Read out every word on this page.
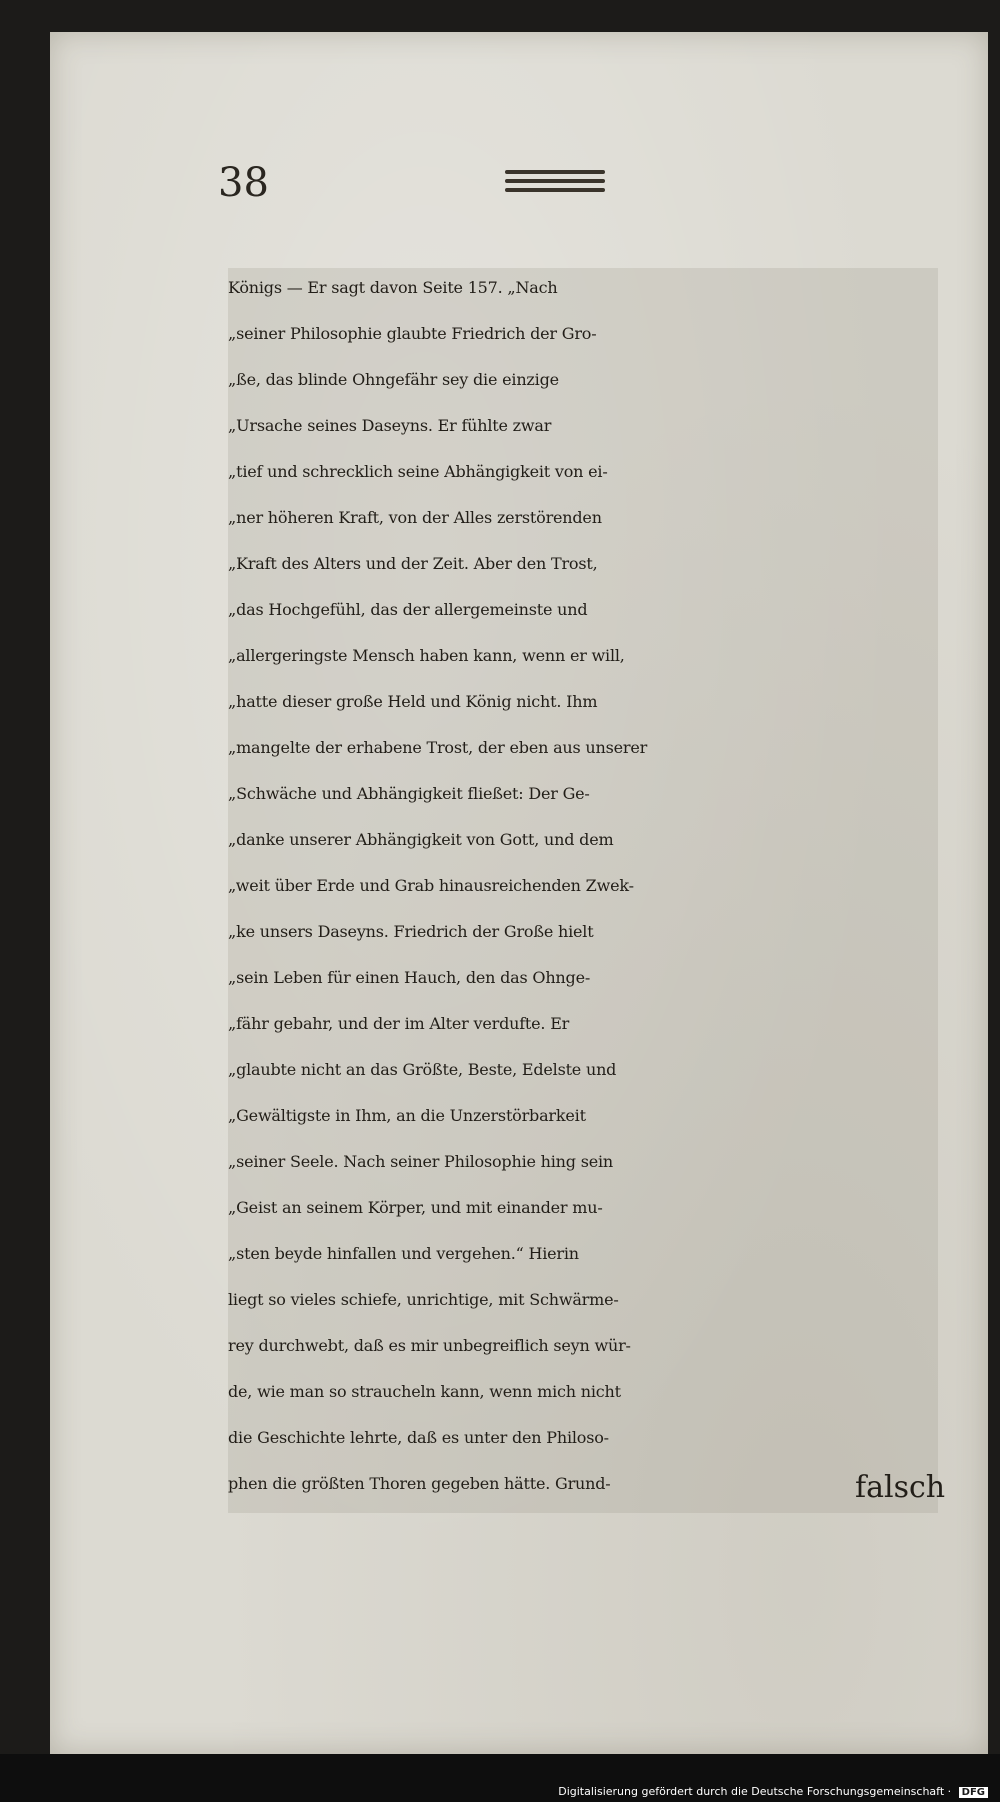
38
Königs — Er sagt davon Seite 157. „Nach
„seiner Philosophie glaubte Friedrich der Gro-
„ße, das blinde Ohngefähr sey die einzige
„Ursache seines Daseyns. Er fühlte zwar
„tief und schrecklich seine Abhängigkeit von ei-
„ner höheren Kraft, von der Alles zerstörenden
„Kraft des Alters und der Zeit. Aber den Trost,
„das Hochgefühl, das der allergemeinste und
„allergeringste Mensch haben kann, wenn er will,
„hatte dieser große Held und König nicht. Ihm
„mangelte der erhabene Trost, der eben aus unserer
„Schwäche und Abhängigkeit fließet: Der Ge-
„danke unserer Abhängigkeit von Gott, und dem
„weit über Erde und Grab hinausreichenden Zwek-
„ke unsers Daseyns. Friedrich der Große hielt
„sein Leben für einen Hauch, den das Ohnge-
„fähr gebahr, und der im Alter verdufte. Er
„glaubte nicht an das Größte, Beste, Edelste und
„Gewältigste in Ihm, an die Unzerstörbarkeit
„seiner Seele. Nach seiner Philosophie hing sein
„Geist an seinem Körper, und mit einander mu-
„sten beyde hinfallen und vergehen.“ Hierin
liegt so vieles schiefe, unrichtige, mit Schwärme-
rey durchwebt, daß es mir unbegreiflich seyn wür-
de, wie man so straucheln kann, wenn mich nicht
die Geschichte lehrte, daß es unter den Philoso-
phen die größten Thoren gegeben hätte. Grund-	falsch
Digitalisierung gefördert durch die Deutsche Forschungsgemeinschaft · DFG
